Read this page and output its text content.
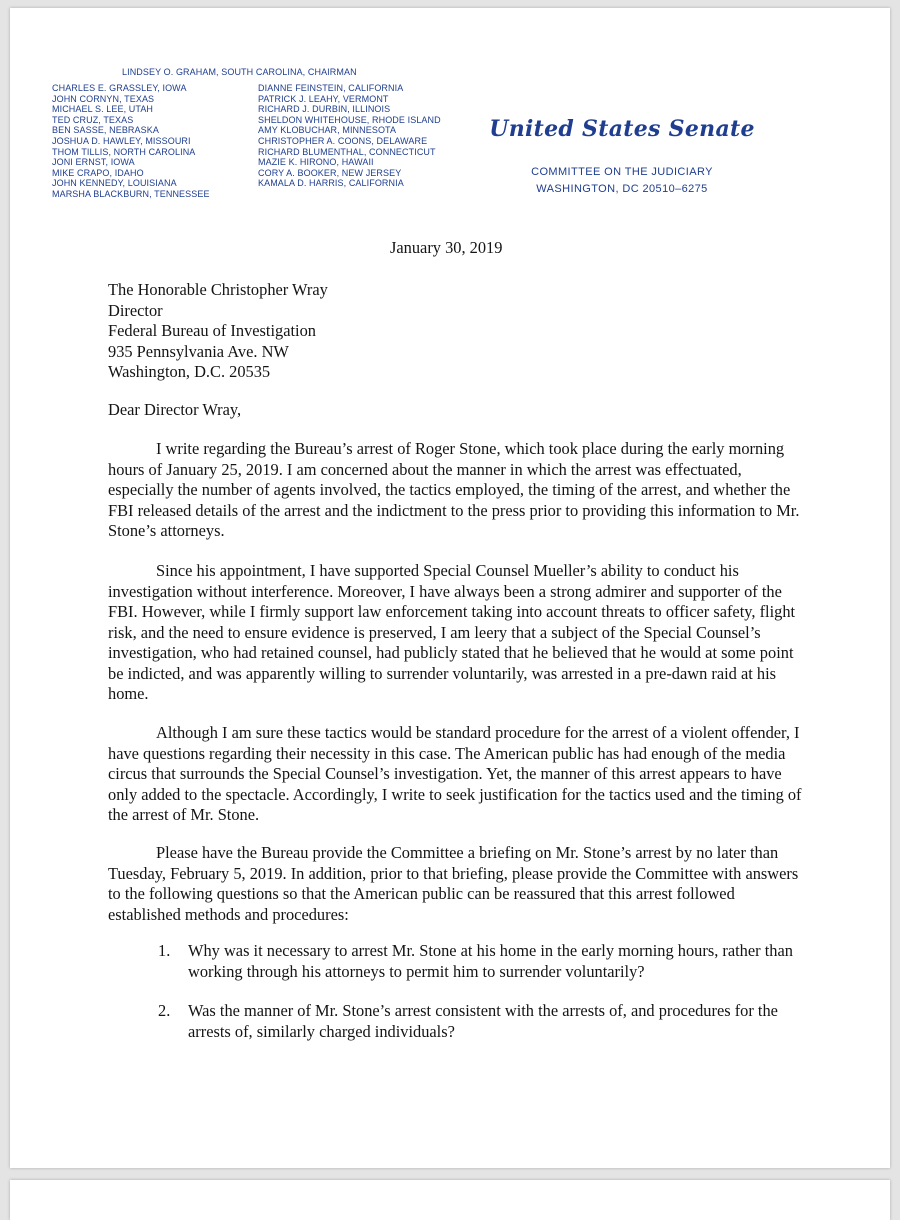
LINDSEY O. GRAHAM, SOUTH CAROLINA, CHAIRMAN
CHARLES E. GRASSLEY, IOWA
JOHN CORNYN, TEXAS
MICHAEL S. LEE, UTAH
TED CRUZ, TEXAS
BEN SASSE, NEBRASKA
JOSHUA D. HAWLEY, MISSOURI
THOM TILLIS, NORTH CAROLINA
JONI ERNST, IOWA
MIKE CRAPO, IDAHO
JOHN KENNEDY, LOUISIANA
MARSHA BLACKBURN, TENNESSEE
DIANNE FEINSTEIN, CALIFORNIA
PATRICK J. LEAHY, VERMONT
RICHARD J. DURBIN, ILLINOIS
SHELDON WHITEHOUSE, RHODE ISLAND
AMY KLOBUCHAR, MINNESOTA
CHRISTOPHER A. COONS, DELAWARE
RICHARD BLUMENTHAL, CONNECTICUT
MAZIE K. HIRONO, HAWAII
CORY A. BOOKER, NEW JERSEY
KAMALA D. HARRIS, CALIFORNIA
United States Senate
COMMITTEE ON THE JUDICIARY
WASHINGTON, DC 20510–6275
January 30, 2019
The Honorable Christopher Wray
Director
Federal Bureau of Investigation
935 Pennsylvania Ave. NW
Washington, D.C. 20535
Dear Director Wray,
I write regarding the Bureau’s arrest of Roger Stone, which took place during the early morning hours of January 25, 2019. I am concerned about the manner in which the arrest was effectuated, especially the number of agents involved, the tactics employed, the timing of the arrest, and whether the FBI released details of the arrest and the indictment to the press prior to providing this information to Mr. Stone’s attorneys.
Since his appointment, I have supported Special Counsel Mueller’s ability to conduct his investigation without interference. Moreover, I have always been a strong admirer and supporter of the FBI. However, while I firmly support law enforcement taking into account threats to officer safety, flight risk, and the need to ensure evidence is preserved, I am leery that a subject of the Special Counsel’s investigation, who had retained counsel, had publicly stated that he believed that he would at some point be indicted, and was apparently willing to surrender voluntarily, was arrested in a pre-dawn raid at his home.
Although I am sure these tactics would be standard procedure for the arrest of a violent offender, I have questions regarding their necessity in this case. The American public has had enough of the media circus that surrounds the Special Counsel’s investigation. Yet, the manner of this arrest appears to have only added to the spectacle. Accordingly, I write to seek justification for the tactics used and the timing of the arrest of Mr. Stone.
Please have the Bureau provide the Committee a briefing on Mr. Stone’s arrest by no later than Tuesday, February 5, 2019. In addition, prior to that briefing, please provide the Committee with answers to the following questions so that the American public can be reassured that this arrest followed established methods and procedures:
1. Why was it necessary to arrest Mr. Stone at his home in the early morning hours, rather than working through his attorneys to permit him to surrender voluntarily?
2. Was the manner of Mr. Stone’s arrest consistent with the arrests of, and procedures for the arrests of, similarly charged individuals?
